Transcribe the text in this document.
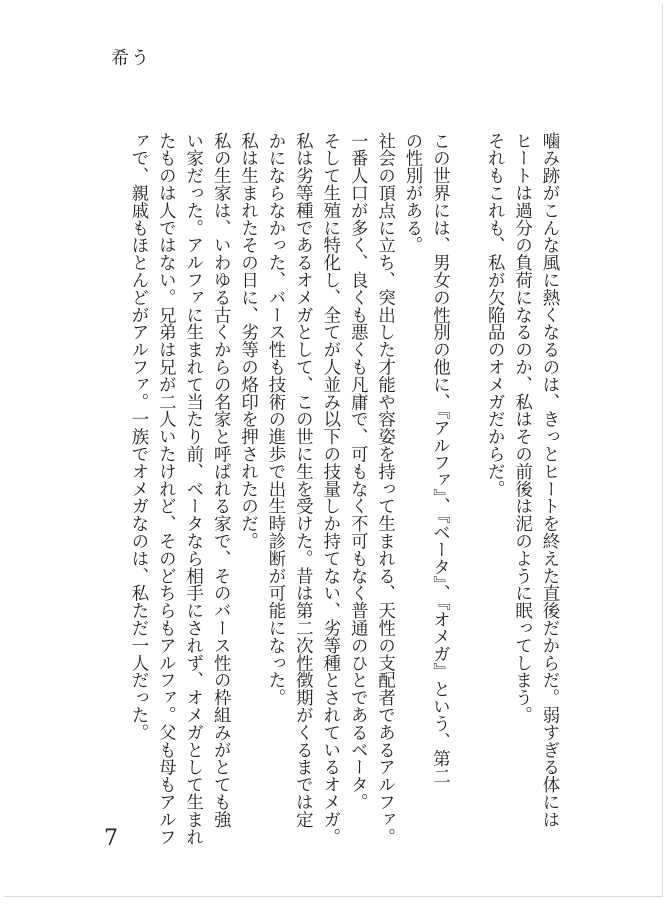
希う

噛み跡がこんな風に熱くなるのは、きっとヒートを終えた直後だからだ。弱すぎる体には

ヒートは過分の負荷になるのか、私はその前後は泥のように眠ってしまう。

それもこれも、私が欠陥品のオメガだからだ。

この世界には、男女の性別の他に、『アルファ』、『ベータ』、『オメガ』という、第二

の性別がある。

社会の頂点に立ち、突出した才能や容姿を持って生まれる、天性の支配者であるアルファ。

一番人口が多く、良くも悪くも凡庸で、可もなく不可もなく普通のひとであるベータ。

そして生殖に特化し、全てが人並み以下の技量しか持てない、劣等種とされているオメガ。

私は劣等種であるオメガとして、この世に生を受けた。昔は第二次性徴期がくるまでは定

かにならなかった、バース性も技術の進歩で出生時診断が可能になった。

私は生まれたその日に、劣等の烙印を押されたのだ。

私の生家は、いわゆる古くからの名家と呼ばれる家で、そのバース性の枠組みがとても強

い家だった。アルファに生まれて当たり前、ベータなら相手にされず、オメガとして生まれ

たものは人ではない。兄弟は兄が二人いたけれど、そのどちらもアルファ。父も母もアルフ

ァで、親戚もほとんどがアルファ。一族でオメガなのは、私ただ一人だった。

7
